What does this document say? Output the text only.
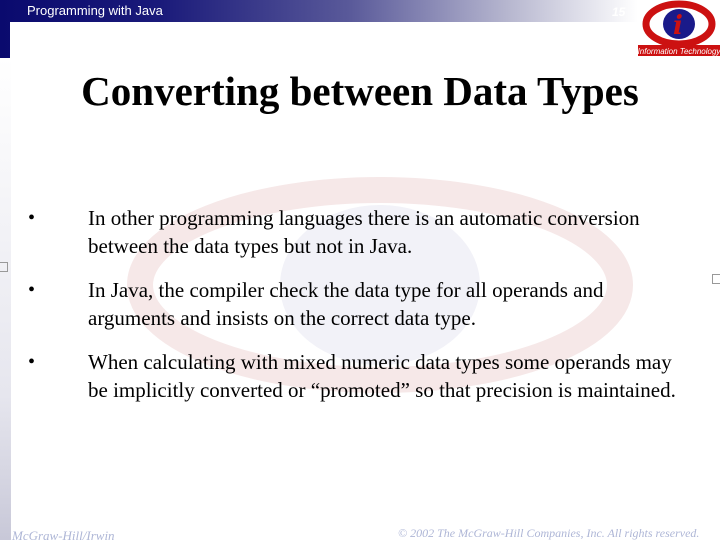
Programming with Java	15 i
Information Technology
Converting between Data Types
•	In other programming languages there is an automatic conversion between the data types but not in Java.
•	In Java, the compiler check the data type for all operands and arguments and insists on the correct data type.
•	When calculating with mixed numeric data types some operands may be implicitly converted or “promoted” so that precision is maintained.
McGraw-Hill/Irwin	© 2002 The McGraw-Hill Companies, Inc. All rights reserved.
